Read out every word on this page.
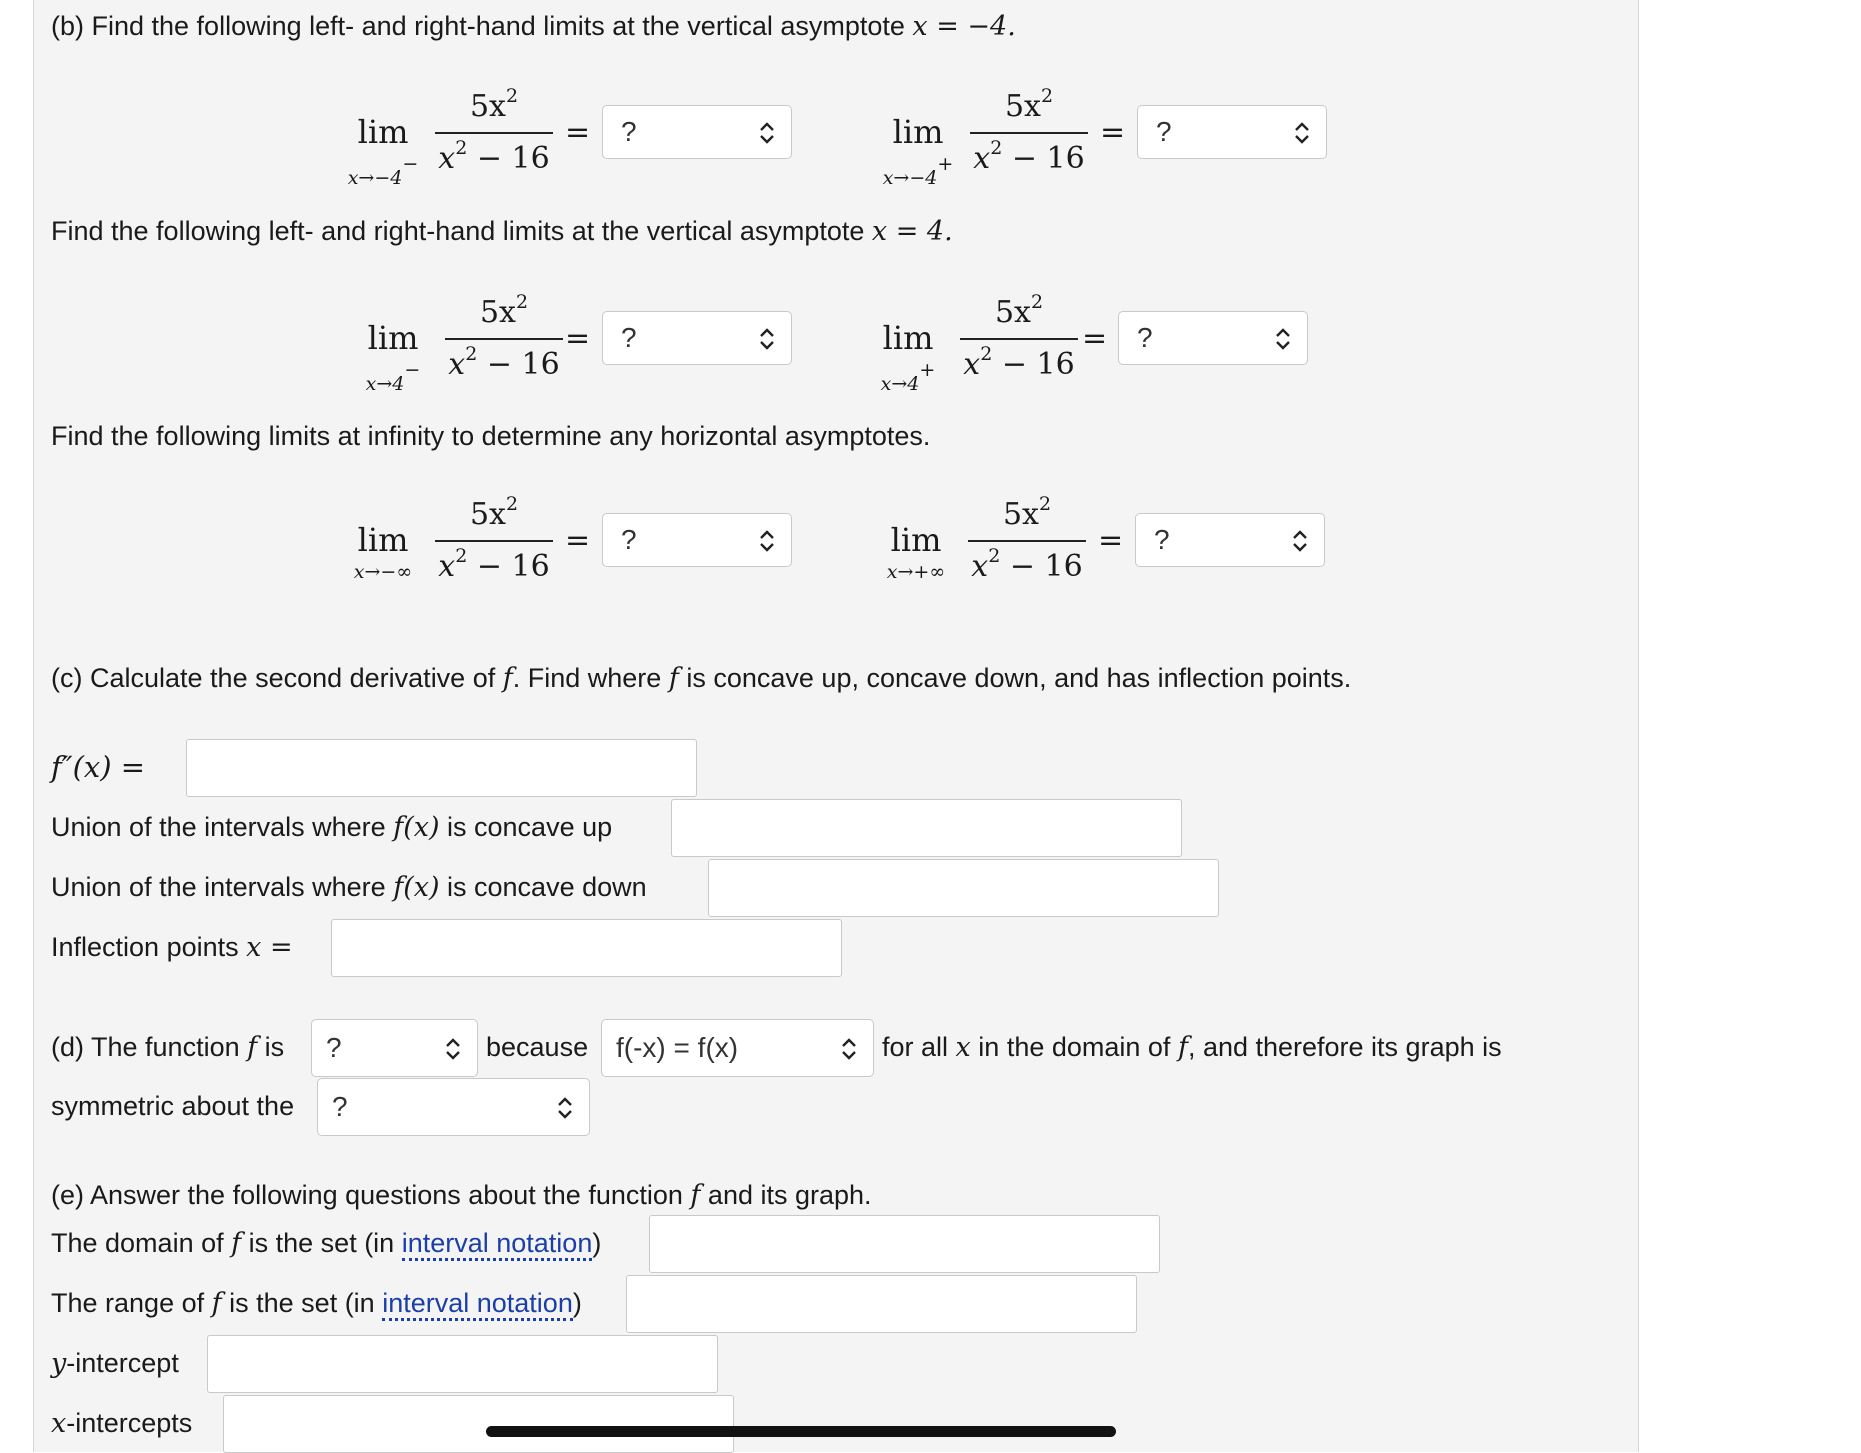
(b) Find the following left- and right-hand limits at the vertical asymptote x = −4.
lim
x→−4−
$5x^2$
$x^2 - 16$
=	?	lim
x→−4+
$5x^2$
$x^2 - 16$
=	?
Find the following left- and right-hand limits at the vertical asymptote x = 4.
lim
x→4−
$5x^2$
$x^2 - 16$
=	?	lim
x→4+
$5x^2$
$x^2 - 16$
=	?
Find the following limits at infinity to determine any horizontal asymptotes.
lim
x→−∞
$5x^2$
$x^2 - 16$
=	?	lim
x→+∞
$5x^2$
$x^2 - 16$
=	?
(c) Calculate the second derivative of f. Find where f is concave up, concave down, and has inflection points.
f″(x) =
Union of the intervals where f(x) is concave up
Union of the intervals where f(x) is concave down
Inflection points x =
(d) The function f is	?	because f(-x) = f(x)	for all x in the domain of f, and therefore its graph is
symmetric about the	?
(e) Answer the following questions about the function f and its graph.
The domain of f is the set (in interval notation)
The range of f is the set (in interval notation)
y-intercept
x-intercepts
